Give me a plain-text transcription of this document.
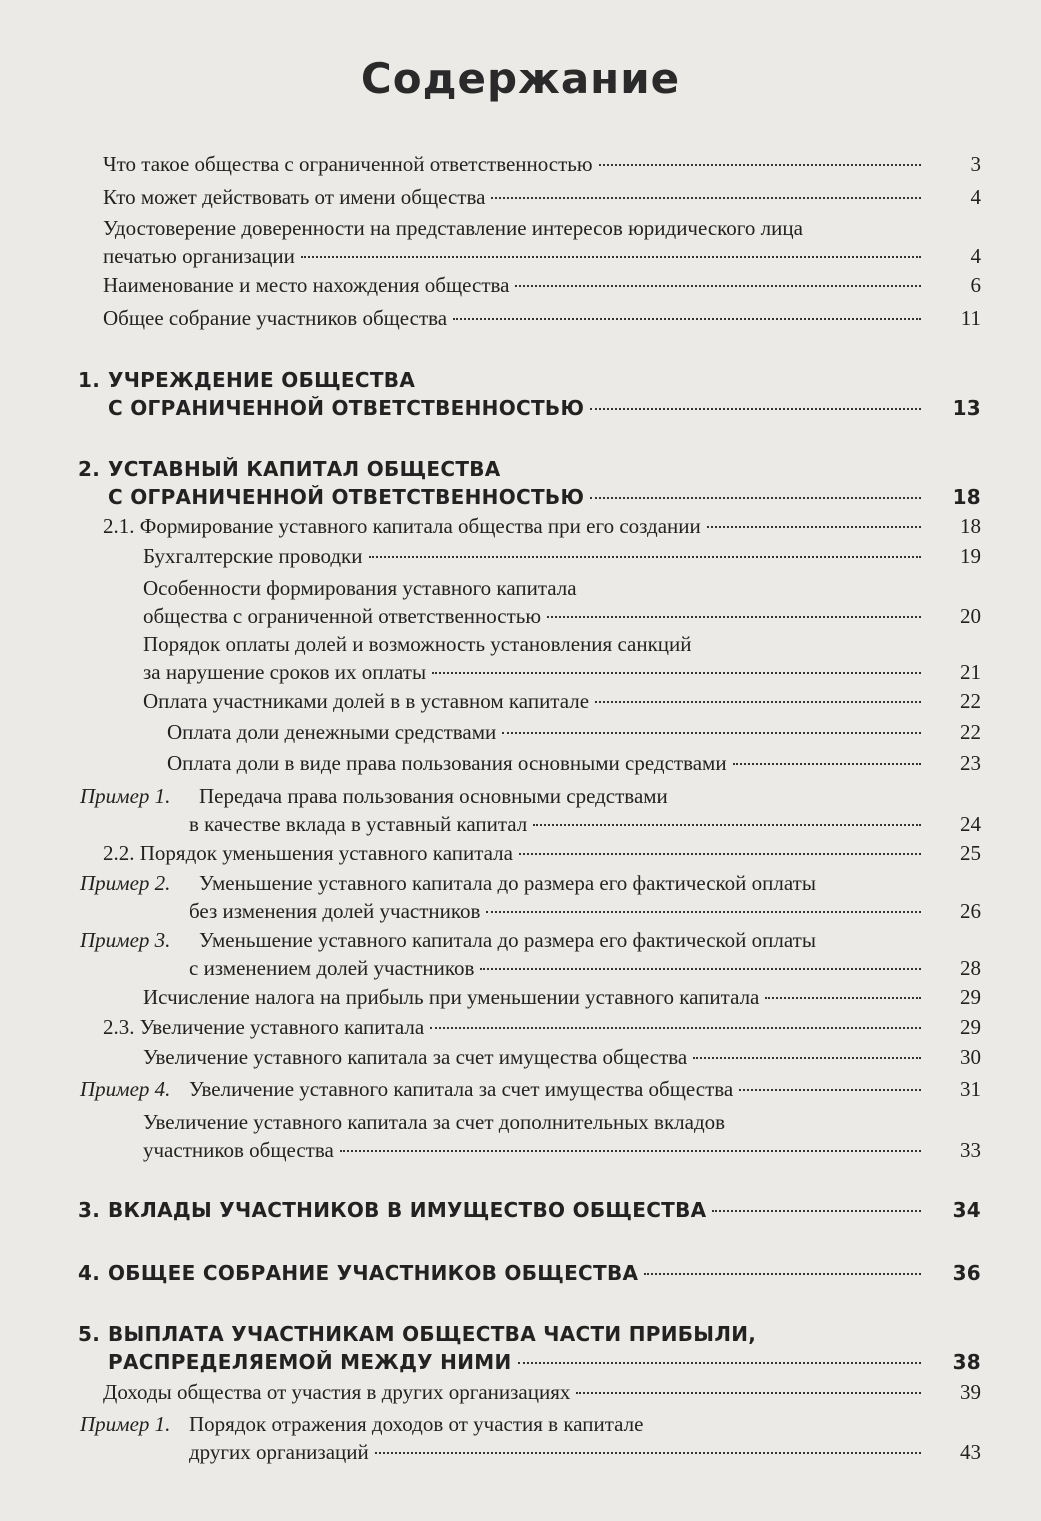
Содержание
Что такое общества с ограниченной ответственностью	3
Кто может действовать от имени общества	4
Удостоверение доверенности на представление интересов юридического лица
печатью организации	4
Наименование и место нахождения общества	6
Общее собрание участников общества	11
1. УЧРЕЖДЕНИЕ ОБЩЕСТВА
С ОГРАНИЧЕННОЙ ОТВЕТСТВЕННОСТЬЮ	13
2. УСТАВНЫЙ КАПИТАЛ ОБЩЕСТВА
С ОГРАНИЧЕННОЙ ОТВЕТСТВЕННОСТЬЮ	18
2.1. Формирование уставного капитала общества при его создании	18
Бухгалтерские проводки	19
Особенности формирования уставного капитала
общества с ограниченной ответственностью	20
Порядок оплаты долей и возможность установления санкций
за нарушение сроков их оплаты	21
Оплата участниками долей в в уставном капитале	22
Оплата доли денежными средствами	22
Оплата доли в виде права пользования основными средствами	23
Пример 1.	Передача права пользования основными средствами
в качестве вклада в уставный капитал	24
2.2. Порядок уменьшения уставного капитала	25
Пример 2.	Уменьшение уставного капитала до размера его фактической оплаты
без изменения долей участников	26
Пример 3.	Уменьшение уставного капитала до размера его фактической оплаты
с изменением долей участников	28
Исчисление налога на прибыль при уменьшении уставного капитала	29
2.3. Увеличение уставного капитала	29
Увеличение уставного капитала за счет имущества общества	30
Пример 4. Увеличение уставного капитала за счет имущества общества	31
Увеличение уставного капитала за счет дополнительных вкладов
участников общества	33
3. ВКЛАДЫ УЧАСТНИКОВ В ИМУЩЕСТВО ОБЩЕСТВА	34
4. ОБЩЕЕ СОБРАНИЕ УЧАСТНИКОВ ОБЩЕСТВА	36
5. ВЫПЛАТА УЧАСТНИКАМ ОБЩЕСТВА ЧАСТИ ПРИБЫЛИ,
РАСПРЕДЕЛЯЕМОЙ МЕЖДУ НИМИ	38
Доходы общества от участия в других организациях	39
Пример 1. Порядок отражения доходов от участия в капитале
других организаций	43
